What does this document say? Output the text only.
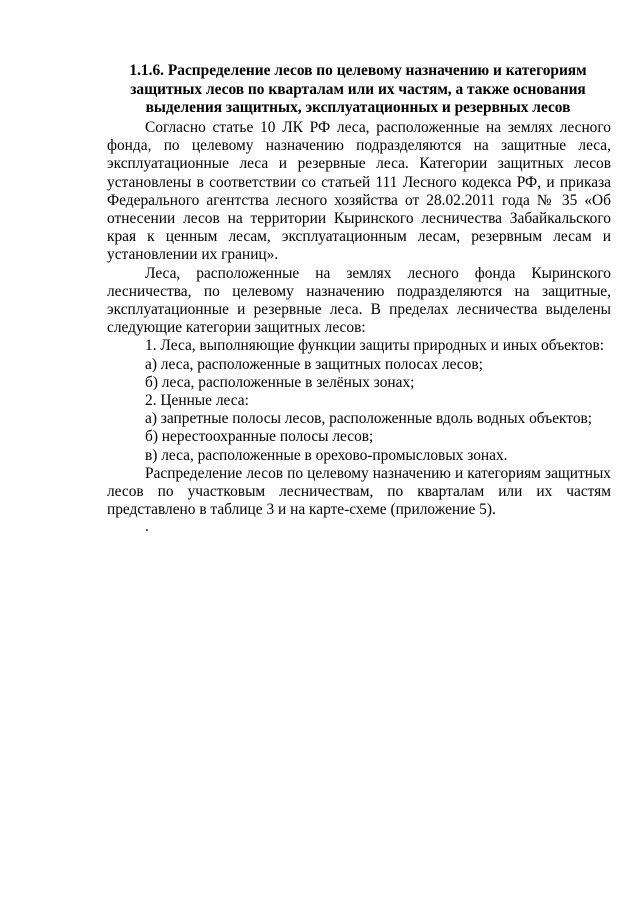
1.1.6. Распределение лесов по целевому назначению и категориям
защитных лесов по кварталам или их частям, а также основания
выделения защитных, эксплуатационных и резервных лесов

Согласно статье 10 ЛК РФ леса, расположенные на землях лесного фонда, по целевому назначению подразделяются на защитные леса, эксплуатационные леса и резервные леса. Категории защитных лесов установлены в соответствии со статьей 111 Лесного кодекса РФ, и приказа Федерального агентства лесного хозяйства от 28.02.2011 года № 35 «Об отнесении лесов на территории Кыринского лесничества Забайкальского края к ценным лесам, эксплуатационным лесам, резервным лесам и установлении их границ».

Леса, расположенные на землях лесного фонда Кыринского лесничества, по целевому назначению подразделяются на защитные, эксплуатационные и резервные леса. В пределах лесничества выделены следующие категории защитных лесов:

1. Леса, выполняющие функции защиты природных и иных объектов:

а) леса, расположенные в защитных полосах лесов;

б) леса, расположенные в зелёных зонах;

2. Ценные леса:

а) запретные полосы лесов, расположенные вдоль водных объектов;

б) нерестоохранные полосы лесов;

в) леса, расположенные в орехово-промысловых зонах.

Распределение лесов по целевому назначению и категориям защитных лесов по участковым лесничествам, по кварталам или их частям представлено в таблице 3 и на карте-схеме (приложение 5).

.
